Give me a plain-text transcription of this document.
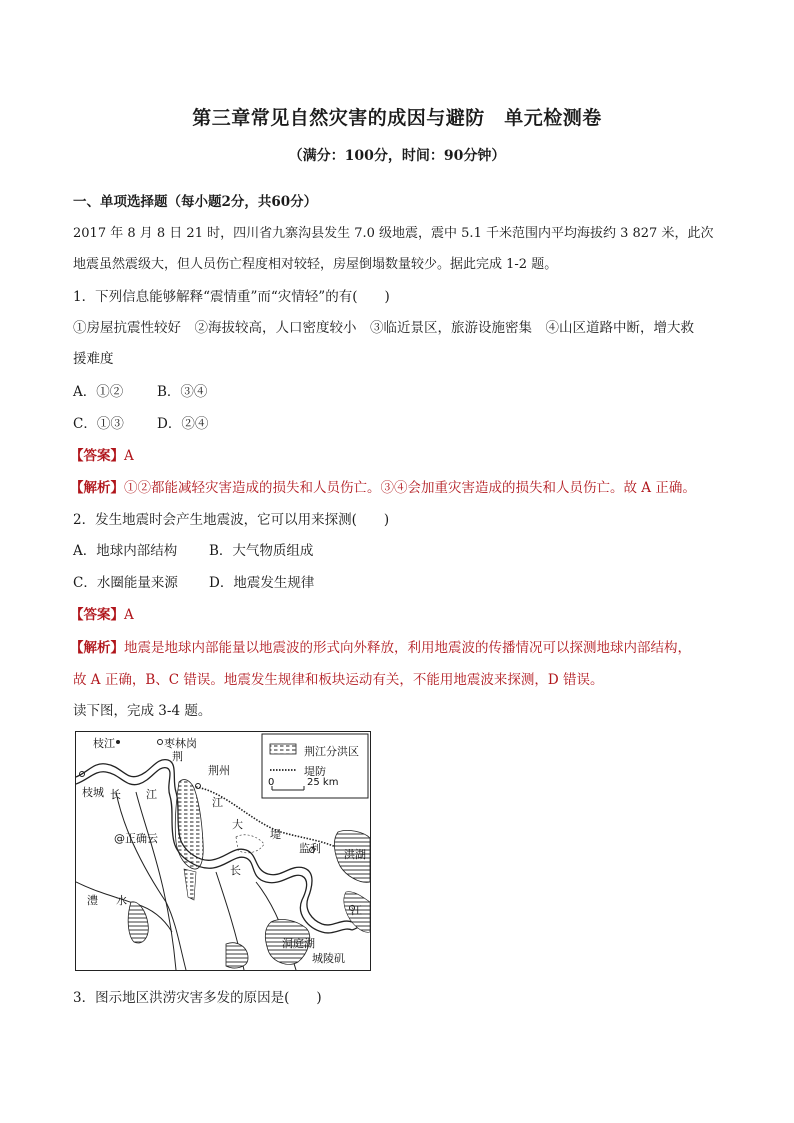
第三章常见自然灾害的成因与避防　单元检测卷
（满分：100分，时间：90分钟）
一、单项选择题（每小题2分，共60分）
2017 年 8 月 8 日 21 时，四川省九寨沟县发生 7.0 级地震，震中 5.1 千米范围内平均海拔约 3 827 米，此次
地震虽然震级大，但人员伤亡程度相对较轻，房屋倒塌数量较少。据此完成 1-2 题。
1．下列信息能够解释“震情重”而“灾情轻”的有(　　)
①房屋抗震性较好　②海拔较高，人口密度较小　③临近景区，旅游设施密集　④山区道路中断，增大救
援难度
A．①②	B．③④
C．①③ D．②④
【答案】A
【解析】①②都能减轻灾害造成的损失和人员伤亡。③④会加重灾害造成的损失和人员伤亡。故 A 正确。
2．发生地震时会产生地震波，它可以用来探测(　　)
A．地球内部结构 B．大气物质组成
C．水圈能量来源 D．地震发生规律
【答案】A
【解析】地震是地球内部能量以地震波的形式向外释放，利用地震波的传播情况可以探测地球内部结构，
故 A 正确，B、C 错误。地震发生规律和板块运动有关，不能用地震波来探测，D 错误。
读下图，完成 3-4 题。
枝江	枣林岗
荆
荆州
枝城 长 江
江
大
堤
@正确云
监利 洪湖
长
澧 水
江
洞庭湖
城陵矶
荆江分洪区
堤防
0	25 km
3．图示地区洪涝灾害多发的原因是(　　)
